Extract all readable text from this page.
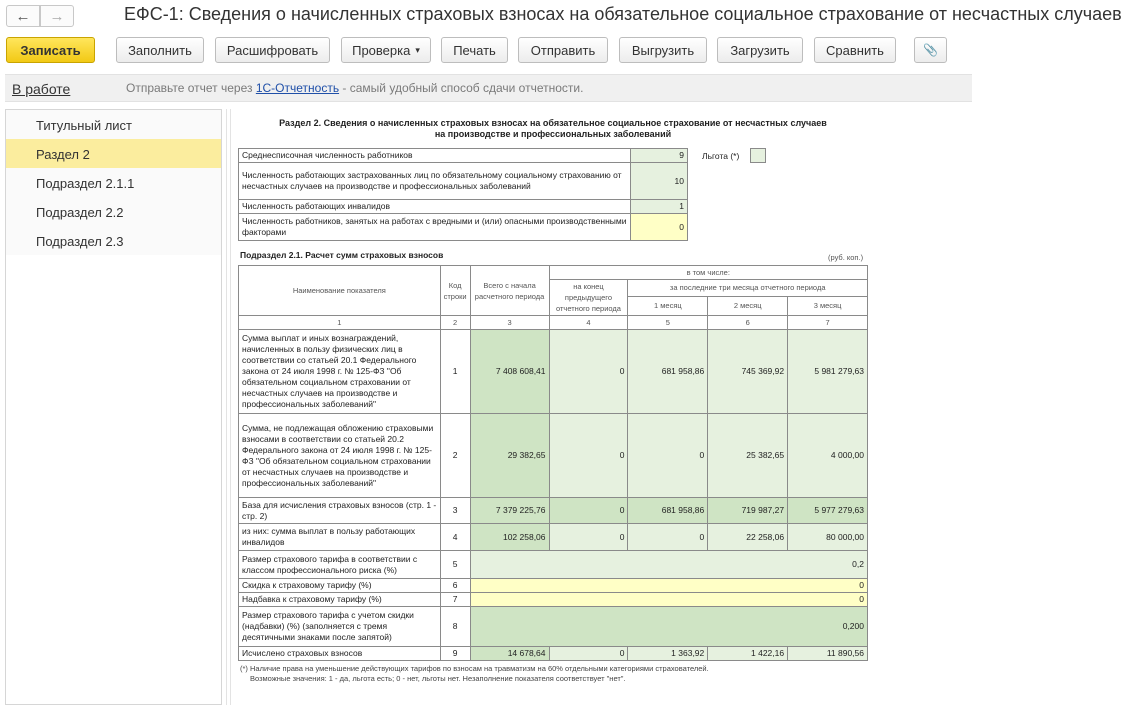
← →	ЕФС-1: Сведения о начисленных страховых взносах на обязательное социальное страхование от несчастных случаев
Записать	Заполнить	Расшифровать	Проверка ▾	Печать	Отправить	Выгрузить	Загрузить	Сравнить	📎
В работе	Отправьте отчет через 1С-Отчетность - самый удобный способ сдачи отчетности.
Титульный лист
Раздел 2
Подраздел 2.1.1
Подраздел 2.2
Подраздел 2.3
Раздел 2. Сведения о начисленных страховых взносах на обязательное социальное страхование от несчастных случаев
на производстве и профессиональных заболеваний
Среднесписочная численность работников	9
Численность работающих застрахованных лиц по обязательному социальному страхованию от несчастных случаев на производстве и профессиональных заболеваний	10
Численность работающих инвалидов	1
Численность работников, занятых на работах с вредными и (или) опасными производственными факторами	0
Льгота (*)
Подраздел 2.1. Расчет сумм страховых взносов	(руб. коп.)
Наименование показателя	Код строки	Всего с начала расчетного периода	в том числе:			
			на конец предыдущего отчетного периода	за последние три месяца отчетного периода		
				1 месяц	2 месяц	3 месяц
1	2	3	4	5	6	7
Сумма выплат и иных вознаграждений, начисленных в пользу физических лиц в соответствии со статьей 20.1 Федерального закона от 24 июля 1998 г. № 125-ФЗ "Об обязательном социальном страховании от несчастных случаев на производстве и профессиональных заболеваний"	1	7 408 608,41	0	681 958,86	745 369,92	5 981 279,63
Сумма, не подлежащая обложению страховыми взносами в соответствии со статьей 20.2 Федерального закона от 24 июля 1998 г. № 125-ФЗ "Об обязательном социальном страховании от несчастных случаев на производстве и профессиональных заболеваний"	2	29 382,65	0	0	25 382,65	4 000,00
База для исчисления страховых взносов (стр. 1 - стр. 2)	3	7 379 225,76	0	681 958,86	719 987,27	5 977 279,63
из них: сумма выплат в пользу работающих инвалидов	4	102 258,06	0	0	22 258,06	80 000,00
Размер страхового тарифа в соответствии с классом профессионального риска (%)	5	0,2				
Скидка к страховому тарифу (%)	6	0				
Надбавка к страховому тарифу (%)	7	0				
Размер страхового тарифа с учетом скидки (надбавки) (%) (заполняется с тремя десятичными знаками после запятой)	8	0,200				
Исчислено страховых взносов	9	14 678,64	0	1 363,92	1 422,16	11 890,56
(*) Наличие права на уменьшение действующих тарифов по взносам на травматизм на 60% отдельными категориями страхователей.
Возможные значения: 1 - да, льгота есть; 0 - нет, льготы нет. Незаполнение показателя соответствует "нет".
